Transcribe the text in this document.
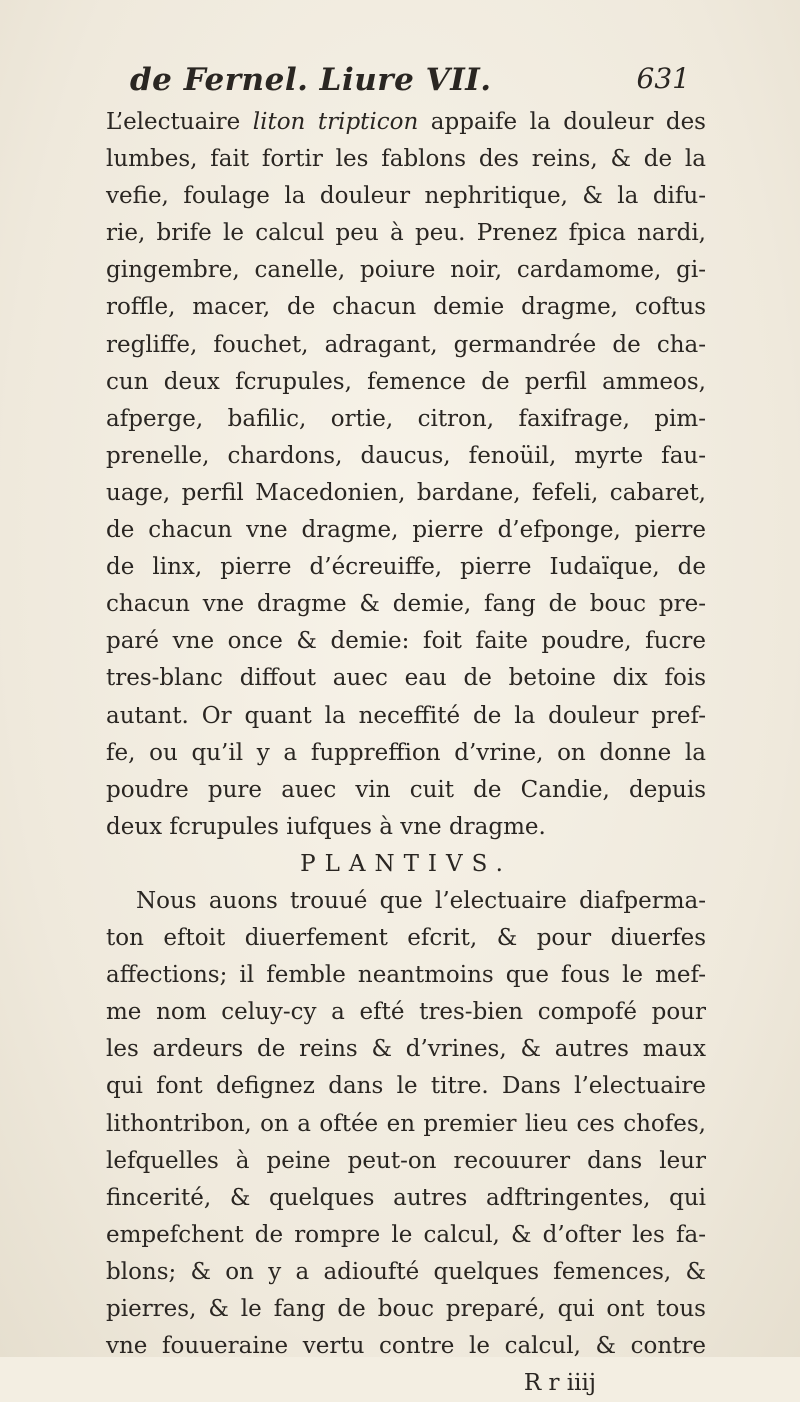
de Fernel. Liure VII.	631
L’electuaire liton tripticon appaife la douleur des
lumbes, fait fortir les fablons des reins, & de la
vefie, foulage la douleur nephritique, & la difu-
rie, brife le calcul peu à peu. Prenez fpica nardi,
gingembre, canelle, poiure noir, cardamome, gi-
roffle, macer, de chacun demie dragme, coftus
regliffe, fouchet, adragant, germandrée de cha-
cun deux fcrupules, femence de perfil ammeos,
afperge, bafilic, ortie, citron, faxifrage, pim-
prenelle, chardons, daucus, fenoüil, myrte fau-
uage, perfil Macedonien, bardane, fefeli, cabaret,
de chacun vne dragme, pierre d’efponge, pierre
de linx, pierre d’écreuiffe, pierre Iudaïque, de
chacun vne dragme & demie, fang de bouc pre-
paré vne once & demie: foit faite poudre, fucre
tres-blanc diffout auec eau de betoine dix fois
autant. Or quant la neceffité de la douleur pref-
fe, ou qu’il y a fuppreffion d’vrine, on donne la
poudre pure auec vin cuit de Candie, depuis
deux fcrupules iufques à vne dragme.
PLANTIVS.
Nous auons trouué que l’electuaire diafperma-
ton eftoit diuerfement efcrit, & pour diuerfes
affections; il femble neantmoins que fous le mef-
me nom celuy-cy a efté tres-bien compofé pour
les ardeurs de reins & d’vrines, & autres maux
qui font defignez dans le titre. Dans l’electuaire
lithontribon, on a oftée en premier lieu ces chofes,
lefquelles à peine peut-on recouurer dans leur
fincerité, & quelques autres adftringentes, qui
empefchent de rompre le calcul, & d’ofter les fa-
blons; & on y a adioufté quelques femences, &
pierres, & le fang de bouc preparé, qui ont tous
vne fouueraine vertu contre le calcul, & contre
R r iiij
